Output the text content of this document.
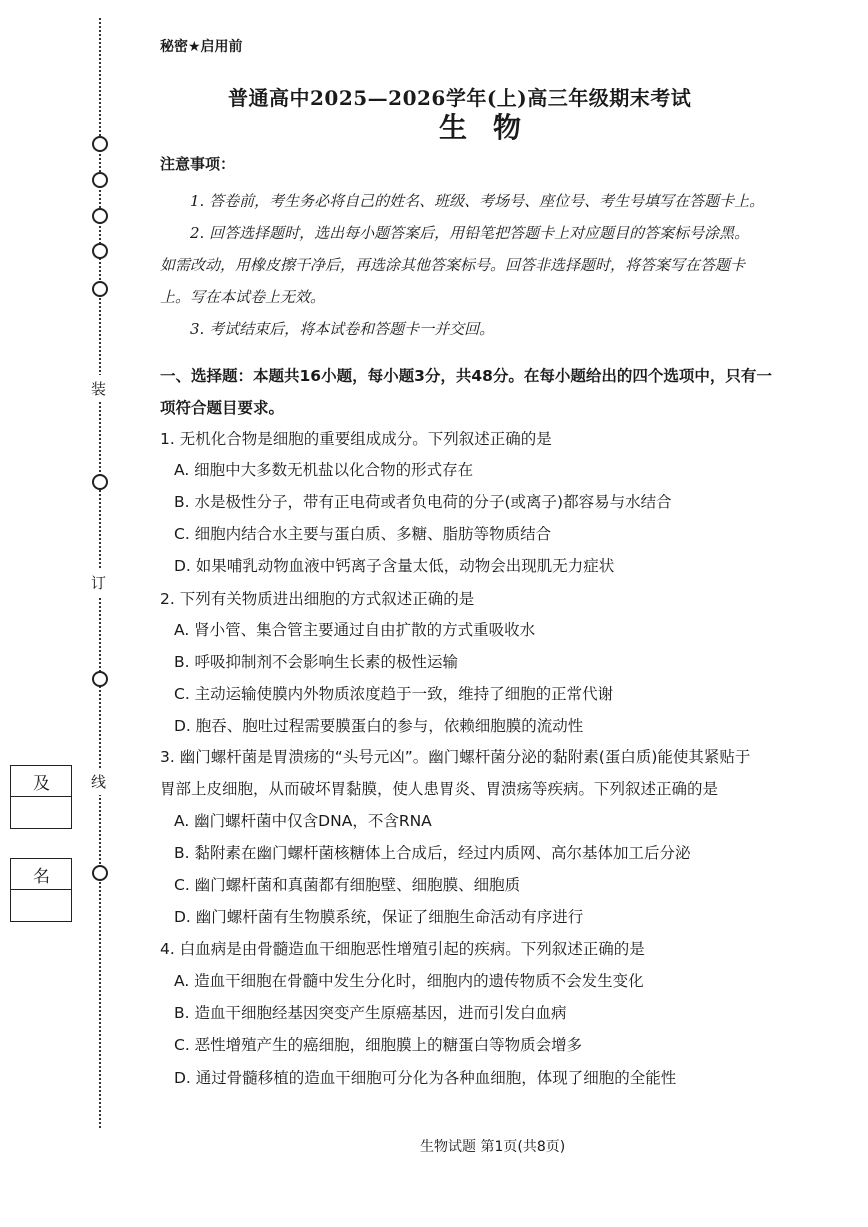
装
订
线
及
名
秘密★启用前
普通高中2025—2026学年(上)高三年级期末考试
生物
注意事项：
1. 答卷前，考生务必将自己的姓名、班级、考场号、座位号、考生号填写在答题卡上。
2. 回答选择题时，选出每小题答案后，用铅笔把答题卡上对应题目的答案标号涂黑。
如需改动，用橡皮擦干净后，再选涂其他答案标号。回答非选择题时，将答案写在答题卡
上。写在本试卷上无效。
3. 考试结束后，将本试卷和答题卡一并交回。
一、选择题：本题共16小题，每小题3分，共48分。在每小题给出的四个选项中，只有一
项符合题目要求。
1. 无机化合物是细胞的重要组成成分。下列叙述正确的是
A. 细胞中大多数无机盐以化合物的形式存在
B. 水是极性分子，带有正电荷或者负电荷的分子(或离子)都容易与水结合
C. 细胞内结合水主要与蛋白质、多糖、脂肪等物质结合
D. 如果哺乳动物血液中钙离子含量太低，动物会出现肌无力症状
2. 下列有关物质进出细胞的方式叙述正确的是
A. 肾小管、集合管主要通过自由扩散的方式重吸收水
B. 呼吸抑制剂不会影响生长素的极性运输
C. 主动运输使膜内外物质浓度趋于一致，维持了细胞的正常代谢
D. 胞吞、胞吐过程需要膜蛋白的参与，依赖细胞膜的流动性
3. 幽门螺杆菌是胃溃疡的“头号元凶”。幽门螺杆菌分泌的黏附素(蛋白质)能使其紧贴于
胃部上皮细胞，从而破坏胃黏膜，使人患胃炎、胃溃疡等疾病。下列叙述正确的是
A. 幽门螺杆菌中仅含DNA，不含RNA
B. 黏附素在幽门螺杆菌核糖体上合成后，经过内质网、高尔基体加工后分泌
C. 幽门螺杆菌和真菌都有细胞壁、细胞膜、细胞质
D. 幽门螺杆菌有生物膜系统，保证了细胞生命活动有序进行
4. 白血病是由骨髓造血干细胞恶性增殖引起的疾病。下列叙述正确的是
A. 造血干细胞在骨髓中发生分化时，细胞内的遗传物质不会发生变化
B. 造血干细胞经基因突变产生原癌基因，进而引发白血病
C. 恶性增殖产生的癌细胞，细胞膜上的糖蛋白等物质会增多
D. 通过骨髓移植的造血干细胞可分化为各种血细胞，体现了细胞的全能性
生物试题 第1页(共8页)
